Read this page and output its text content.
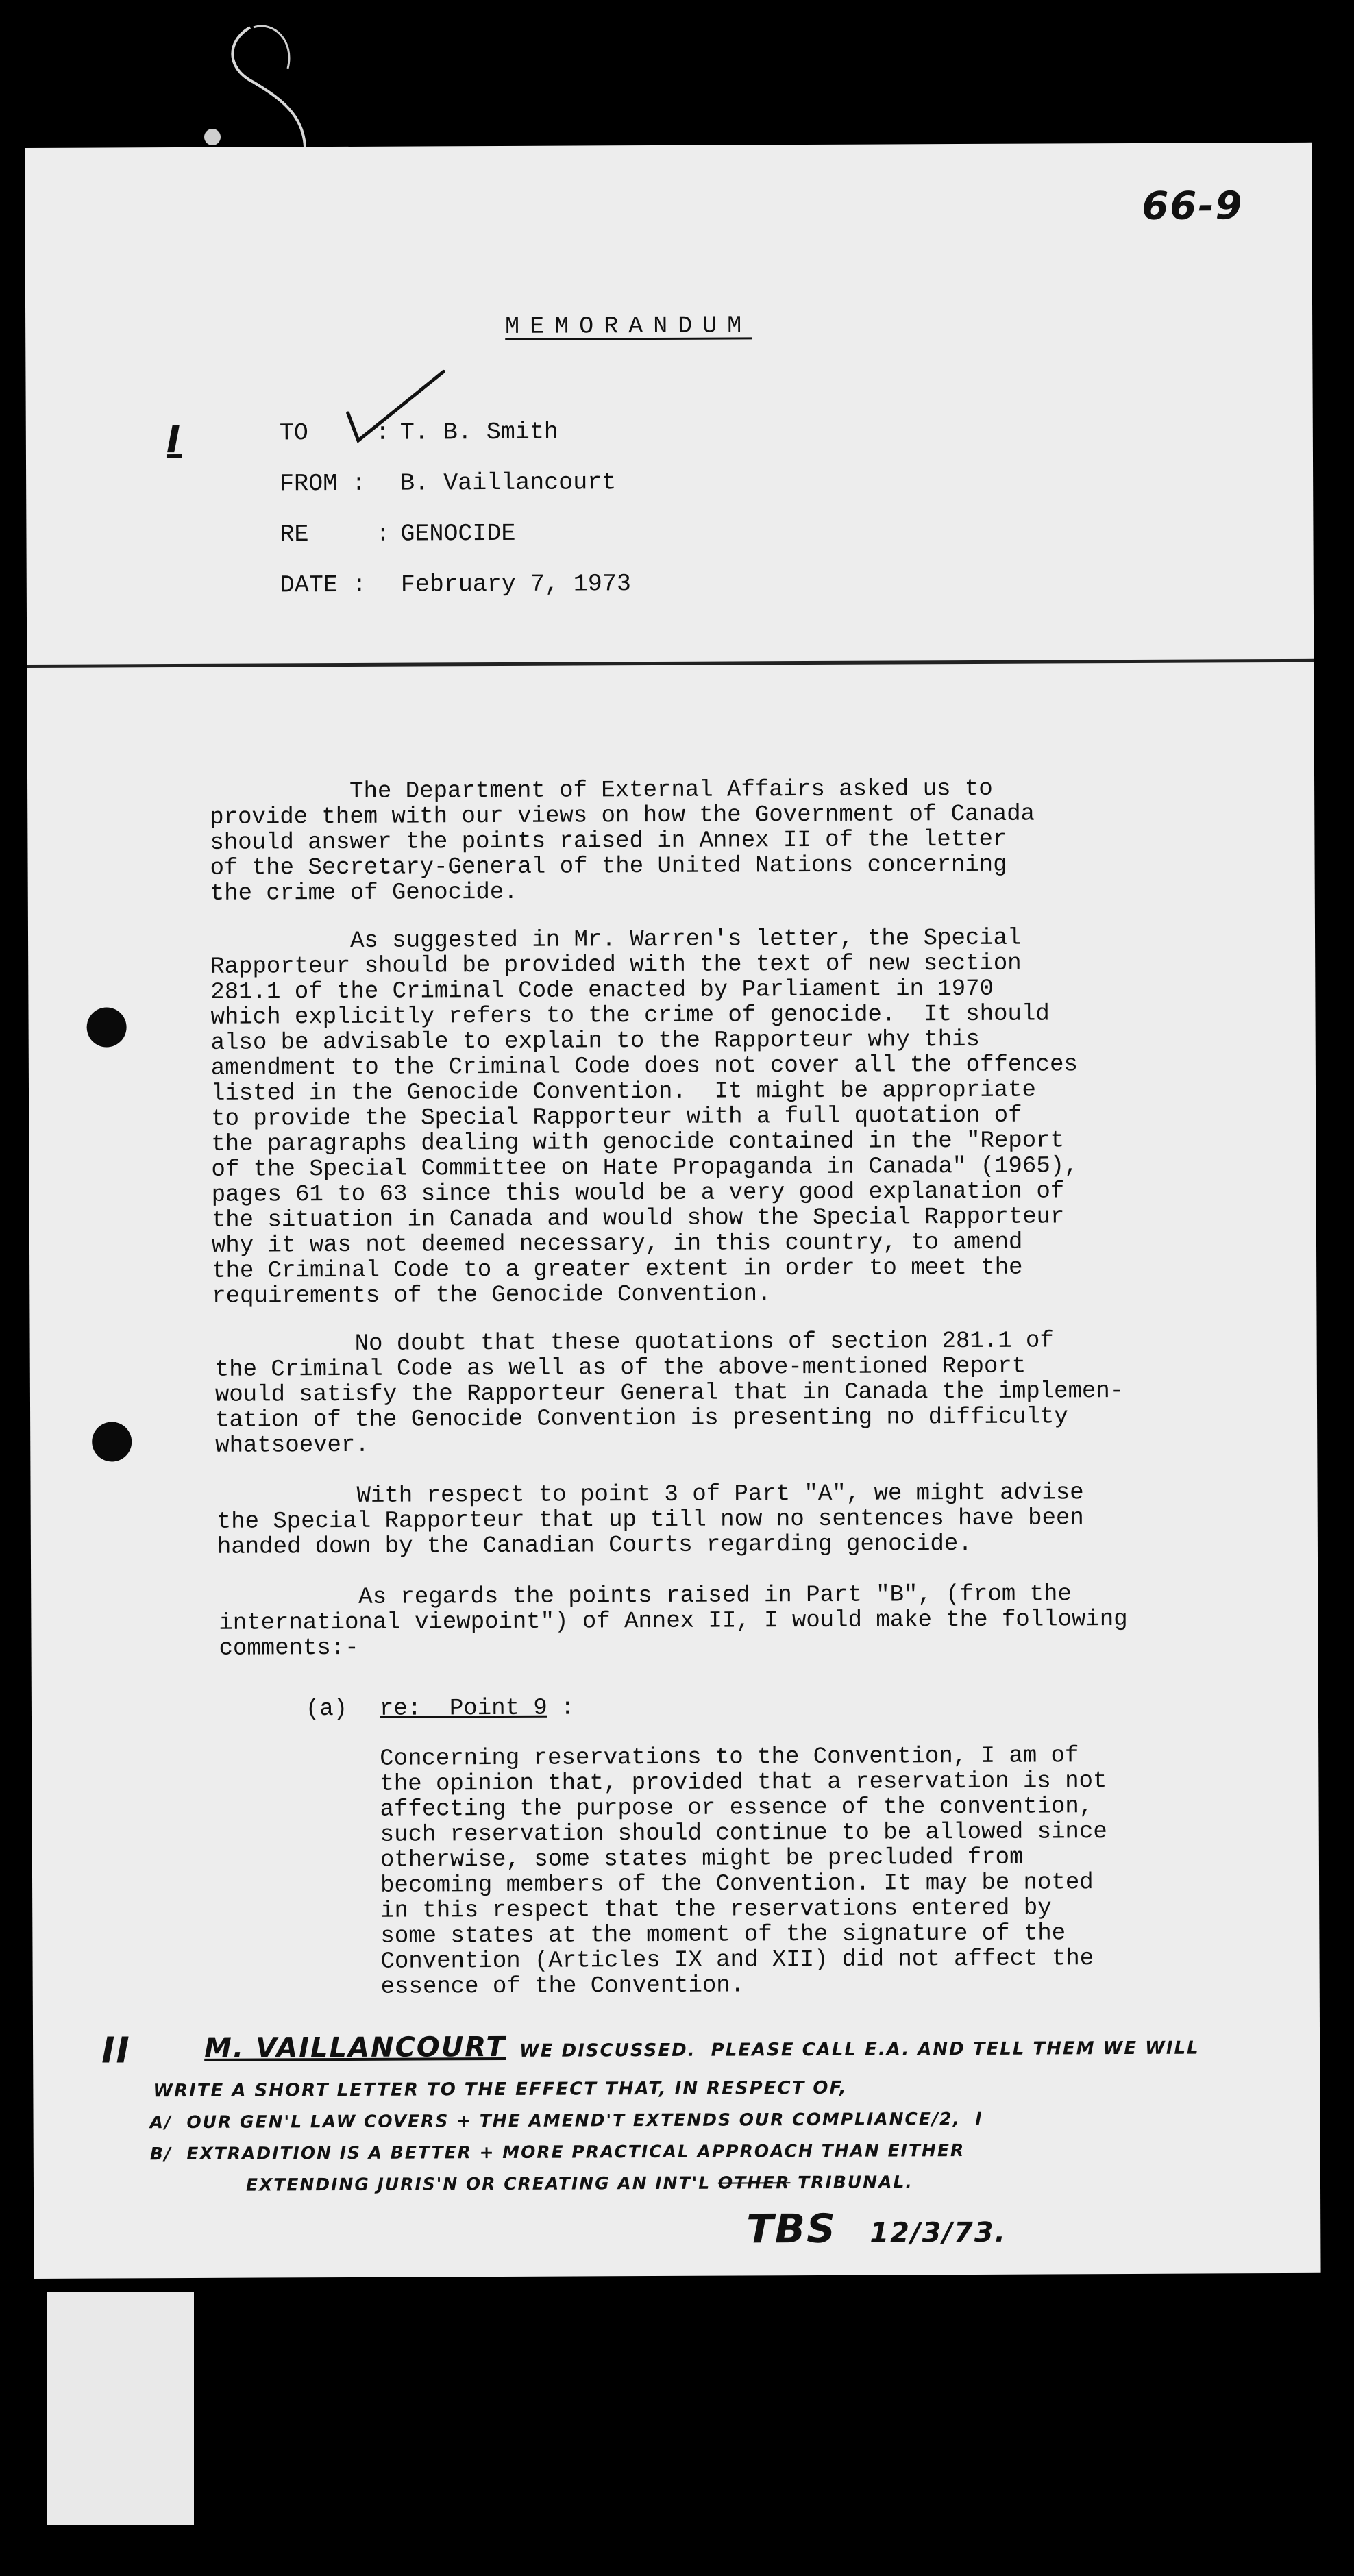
66-9
MEMORANDUM
I	TO	: T. B. Smith
FROM : B. Vaillancourt
RE	: GENOCIDE
DATE : February 7, 1973
The Department of External Affairs asked us to
provide them with our views on how the Government of Canada
should answer the points raised in Annex II of the letter
of the Secretary-General of the United Nations concerning
the crime of Genocide.
As suggested in Mr. Warren's letter, the Special
Rapporteur should be provided with the text of new section
281.1 of the Criminal Code enacted by Parliament in 1970
which explicitly refers to the crime of genocide.  It should
also be advisable to explain to the Rapporteur why this
amendment to the Criminal Code does not cover all the offences
listed in the Genocide Convention.  It might be appropriate
to provide the Special Rapporteur with a full quotation of
the paragraphs dealing with genocide contained in the "Report
of the Special Committee on Hate Propaganda in Canada" (1965),
pages 61 to 63 since this would be a very good explanation of
the situation in Canada and would show the Special Rapporteur
why it was not deemed necessary, in this country, to amend
the Criminal Code to a greater extent in order to meet the
requirements of the Genocide Convention.
No doubt that these quotations of section 281.1 of
the Criminal Code as well as of the above-mentioned Report
would satisfy the Rapporteur General that in Canada the implemen-
tation of the Genocide Convention is presenting no difficulty
whatsoever.
With respect to point 3 of Part "A", we might advise
the Special Rapporteur that up till now no sentences have been
handed down by the Canadian Courts regarding genocide.
As regards the points raised in Part "B", (from the
international viewpoint") of Annex II, I would make the following
comments:-
(a) re:  Point 9 :
Concerning reservations to the Convention, I am of
the opinion that, provided that a reservation is not
affecting the purpose or essence of the convention,
such reservation should continue to be allowed since
otherwise, some states might be precluded from
becoming members of the Convention. It may be noted
in this respect that the reservations entered by
some states at the moment of the signature of the
Convention (Articles IX and XII) did not affect the
essence of the Convention.
II	M. VAILLANCOURT WE DISCUSSED.  PLEASE CALL E.A. AND TELL THEM WE WILL
WRITE A SHORT LETTER TO THE EFFECT THAT, IN RESPECT OF,
A/  OUR GEN'L LAW COVERS + THE AMEND'T EXTENDS OUR COMPLIANCE/2,  I
B/  EXTRADITION IS A BETTER + MORE PRACTICAL APPROACH THAN EITHER
EXTENDING JURIS'N OR CREATING AN INT'L OTHER TRIBUNAL.
TBS 12/3/73.
